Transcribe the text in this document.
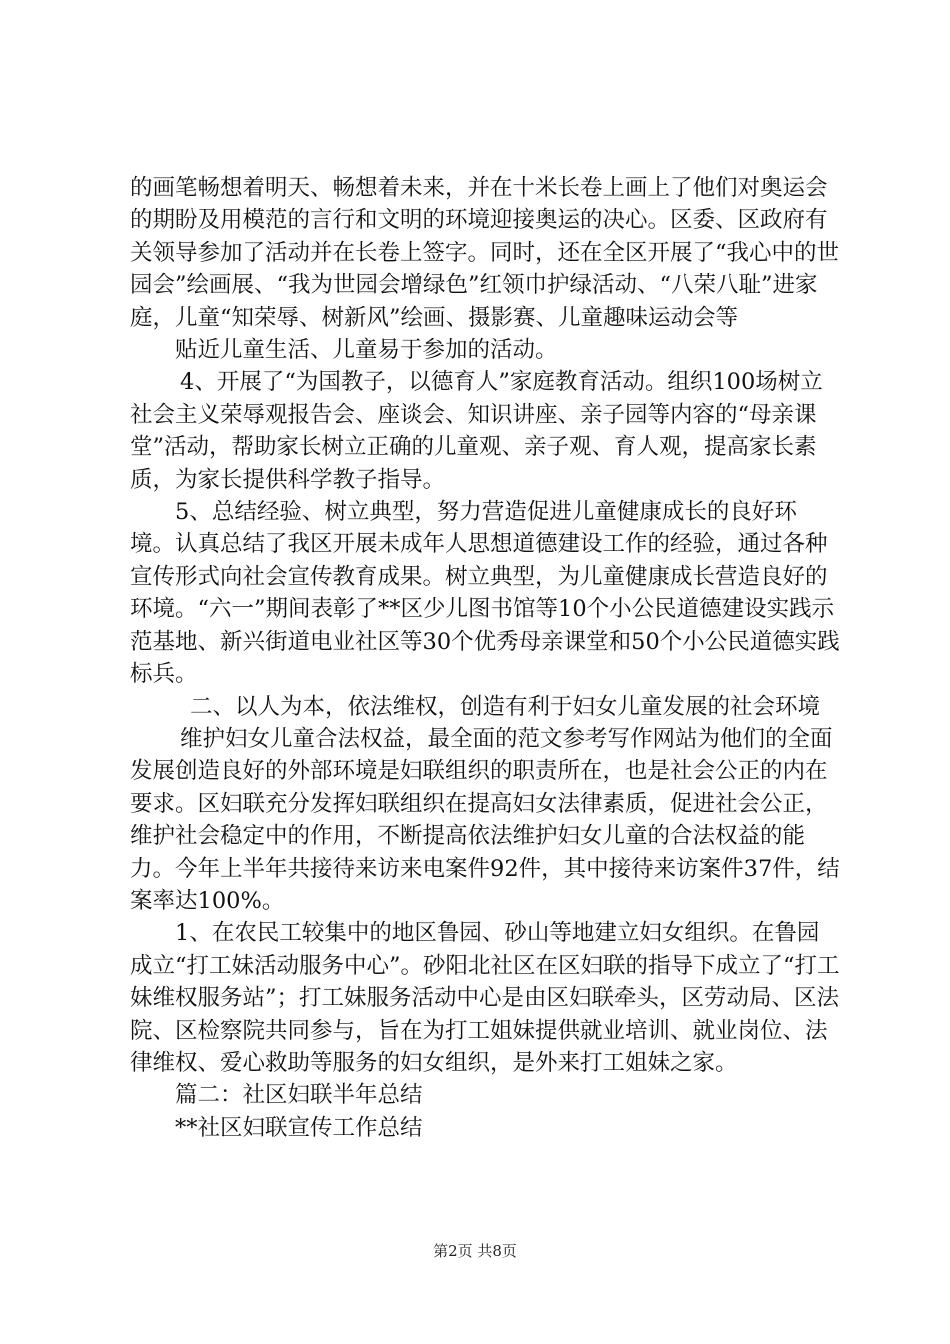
的画笔畅想着明天、畅想着未来，并在十米长卷上画上了他们对奥运会的期盼及用模范的言行和文明的环境迎接奥运的决心。区委、区政府有关领导参加了活动并在长卷上签字。同时，还在全区开展了“我心中的世园会”绘画展、“我为世园会增绿色”红领巾护绿活动、“八荣八耻”进家庭，儿童“知荣辱、树新风”绘画、摄影赛、儿童趣味运动会等

贴近儿童生活、儿童易于参加的活动。

4、开展了“为国教子，以德育人”家庭教育活动。组织100场树立社会主义荣辱观报告会、座谈会、知识讲座、亲子园等内容的“母亲课堂”活动，帮助家长树立正确的儿童观、亲子观、育人观，提高家长素质，为家长提供科学教子指导。

5、总结经验、树立典型，努力营造促进儿童健康成长的良好环境。认真总结了我区开展未成年人思想道德建设工作的经验，通过各种宣传形式向社会宣传教育成果。树立典型，为儿童健康成长营造良好的环境。“六一”期间表彰了**区少儿图书馆等10个小公民道德建设实践示范基地、新兴街道电业社区等30个优秀母亲课堂和50个小公民道德实践标兵。

二、以人为本，依法维权，创造有利于妇女儿童发展的社会环境

维护妇女儿童合法权益，最全面的范文参考写作网站为他们的全面发展创造良好的外部环境是妇联组织的职责所在，也是社会公正的内在要求。区妇联充分发挥妇联组织在提高妇女法律素质，促进社会公正，维护社会稳定中的作用，不断提高依法维护妇女儿童的合法权益的能力。今年上半年共接待来访来电案件92件，其中接待来访案件37件，结案率达100%。

1、在农民工较集中的地区鲁园、砂山等地建立妇女组织。在鲁园成立“打工妹活动服务中心”。砂阳北社区在区妇联的指导下成立了“打工妹维权服务站”；打工妹服务活动中心是由区妇联牵头，区劳动局、区法院、区检察院共同参与，旨在为打工姐妹提供就业培训、就业岗位、法律维权、爱心救助等服务的妇女组织，是外来打工姐妹之家。

篇二：社区妇联半年总结

**社区妇联宣传工作总结

第2页 共8页
